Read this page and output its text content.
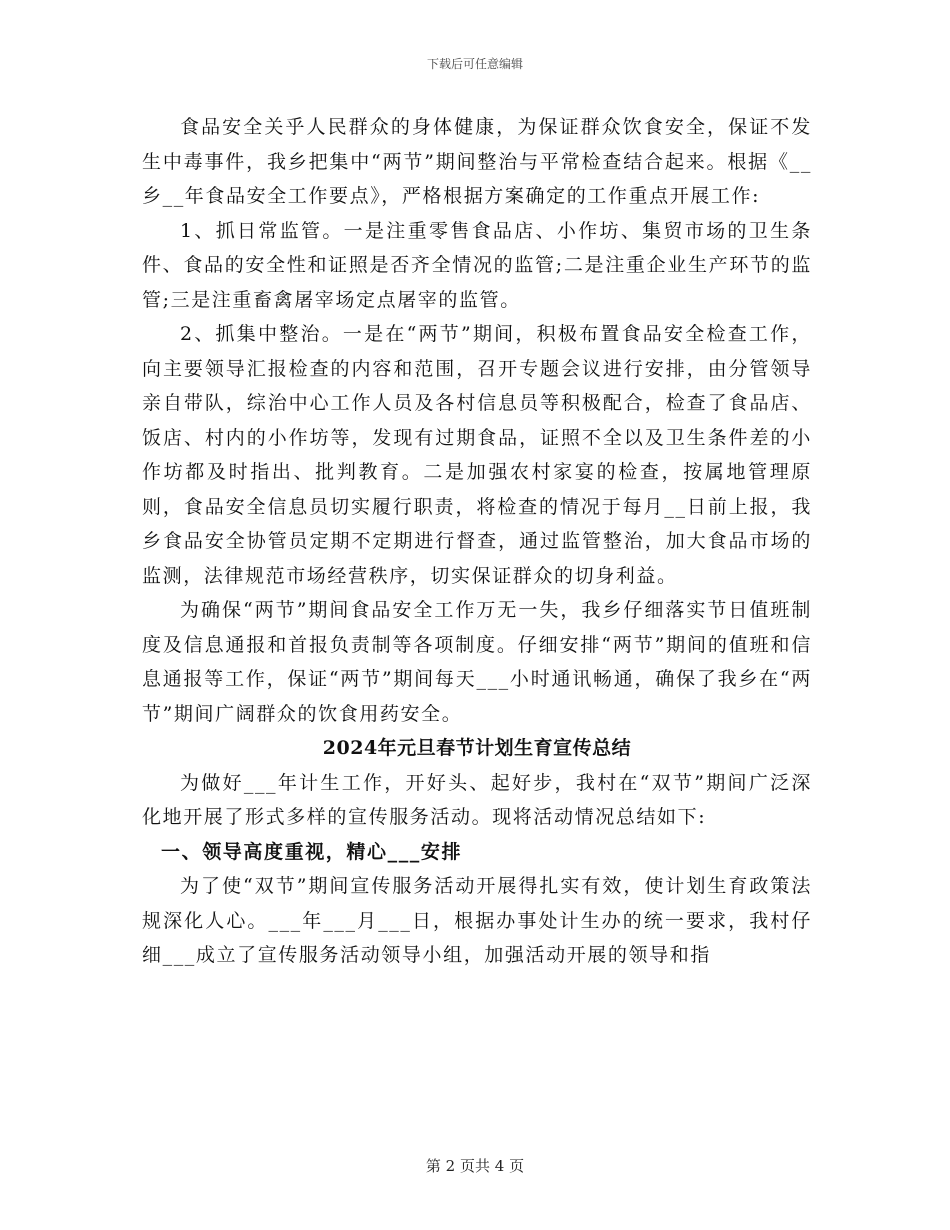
下载后可任意编辑

食品安全关乎人民群众的身体健康，为保证群众饮食安全，保证不发生中毒事件，我乡把集中“两节”期间整治与平常检查结合起来。根据《__乡__年食品安全工作要点》，严格根据方案确定的工作重点开展工作:

1、抓日常监管。一是注重零售食品店、小作坊、集贸市场的卫生条件、食品的安全性和证照是否齐全情况的监管;二是注重企业生产环节的监管;三是注重畜禽屠宰场定点屠宰的监管。

2、抓集中整治。一是在“两节”期间，积极布置食品安全检查工作，向主要领导汇报检查的内容和范围，召开专题会议进行安排，由分管领导亲自带队，综治中心工作人员及各村信息员等积极配合，检查了食品店、饭店、村内的小作坊等，发现有过期食品，证照不全以及卫生条件差的小作坊都及时指出、批判教育。二是加强农村家宴的检查，按属地管理原则，食品安全信息员切实履行职责，将检查的情况于每月__日前上报，我乡食品安全协管员定期不定期进行督查，通过监管整治，加大食品市场的监测，法律规范市场经营秩序，切实保证群众的切身利益。

为确保“两节”期间食品安全工作万无一失，我乡仔细落实节日值班制度及信息通报和首报负责制等各项制度。仔细安排“两节”期间的值班和信息通报等工作，保证“两节”期间每天___小时通讯畅通，确保了我乡在“两节”期间广阔群众的饮食用药安全。

2024年元旦春节计划生育宣传总结

为做好___年计生工作，开好头、起好步，我村在“双节”期间广泛深化地开展了形式多样的宣传服务活动。现将活动情况总结如下:

一、领导高度重视，精心___安排

为了使“双节”期间宣传服务活动开展得扎实有效，使计划生育政策法规深化人心。___年___月___日，根据办事处计生办的统一要求，我村仔细___成立了宣传服务活动领导小组，加强活动开展的领导和指

第 2 页共 4 页
